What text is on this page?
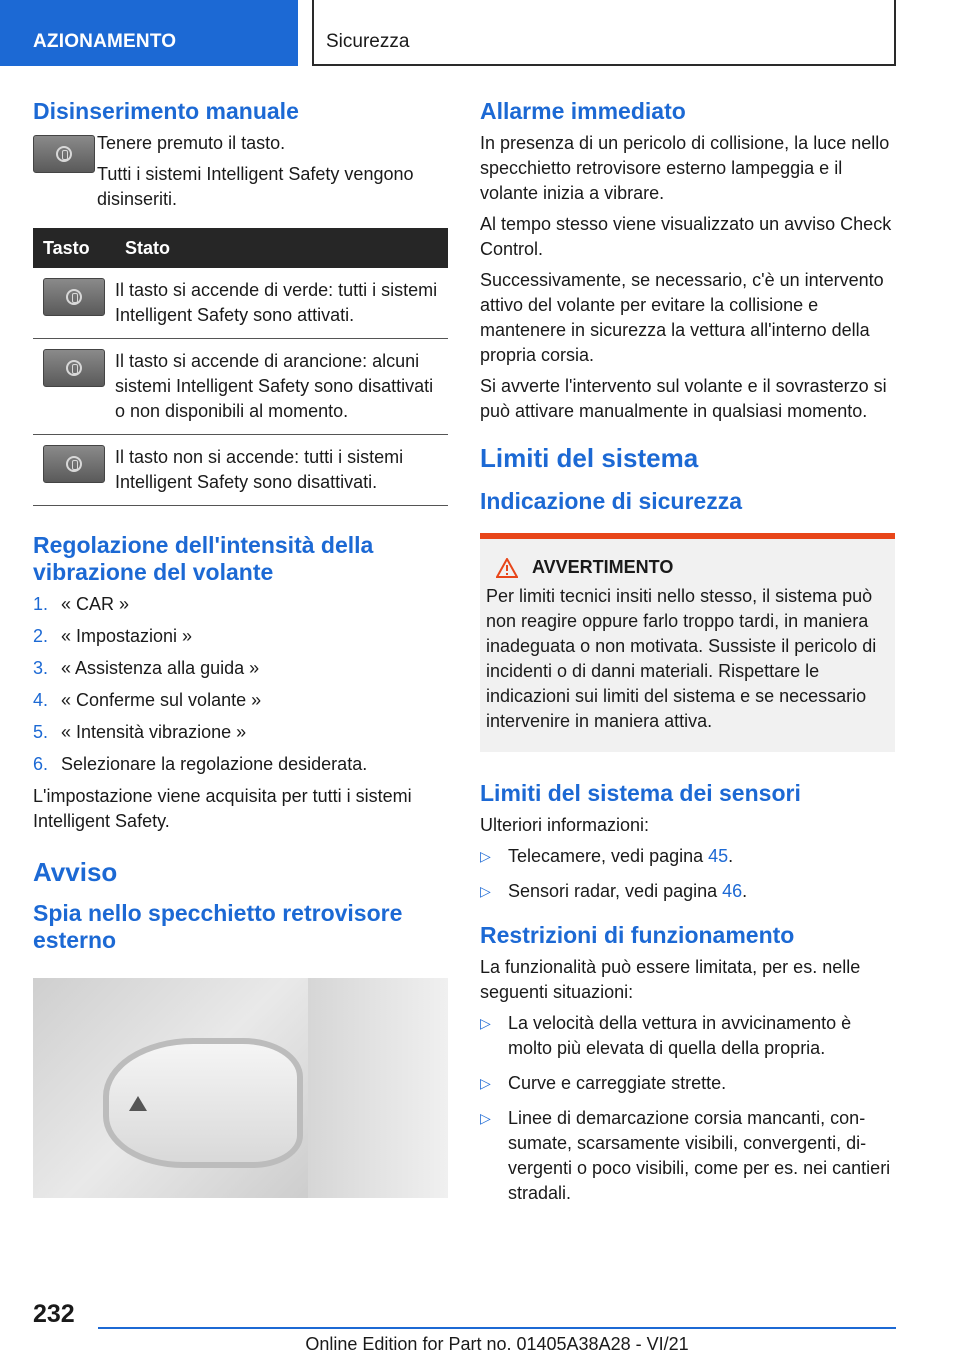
AZIONAMENTO	Sicurezza
Disinserimento manuale

Tenere premuto il tasto.

Tutti i sistemi Intelligent Safety vengono disinseriti.

Tasto	Stato

	Il tasto si accende di verde: tutti i sistemi Intelligent Safety sono attivati.

	Il tasto si accende di arancione: alcuni sistemi Intelligent Safety sono disattivati o non disponibili al momento.

	Il tasto non si accende: tutti i sistemi Intelligent Safety sono disattivati.
Regolazione dell'intensità della vibrazione del volante
1. « CAR »
2. « Impostazioni »
3. « Assistenza alla guida »
4. « Conferme sul volante »
5. « Intensità vibrazione »
6. Selezionare la regolazione desiderata.

L'impostazione viene acquisita per tutti i sistemi Intelligent Safety.

Avviso
Spia nello specchietto retrovisore esterno
Allarme immediato

In presenza di un pericolo di collisione, la luce nello specchietto retrovisore esterno lampeggia e il volante inizia a vibrare.

Al tempo stesso viene visualizzato un avviso Check Control.

Successivamente, se necessario, c'è un intervento attivo del volante per evitare la collisione e mantenere in sicurezza la vettura all'interno della propria corsia.

Si avverte l'intervento sul volante e il sovrasterzo si può attivare manualmente in qualsiasi momento.

Limiti del sistema
Indicazione di sicurezza
AVVERTIMENTO

Per limiti tecnici insiti nello stesso, il sistema può non reagire oppure farlo troppo tardi, in maniera inadeguata o non motivata. Sussiste il pericolo di incidenti o di danni materiali. Rispettare le indicazioni sui limiti del sistema e se necessario intervenire in maniera attiva.

Limiti del sistema dei sensori

Ulteriori informazioni:

▷ Telecamere, vedi pagina 45.
▷ Sensori radar, vedi pagina 46.
Restrizioni di funzionamento

La funzionalità può essere limitata, per es. nelle seguenti situazioni:

▷ La velocità della vettura in avvicinamento è molto più elevata di quella della propria.
▷ Curve e carreggiate strette.
▷ Linee di demarcazione corsia mancanti, consumate, scarsamente visibili, convergenti, divergenti o poco visibili, come per es. nei cantieri stradali.
232
Online Edition for Part no. 01405A38A28 - VI/21
